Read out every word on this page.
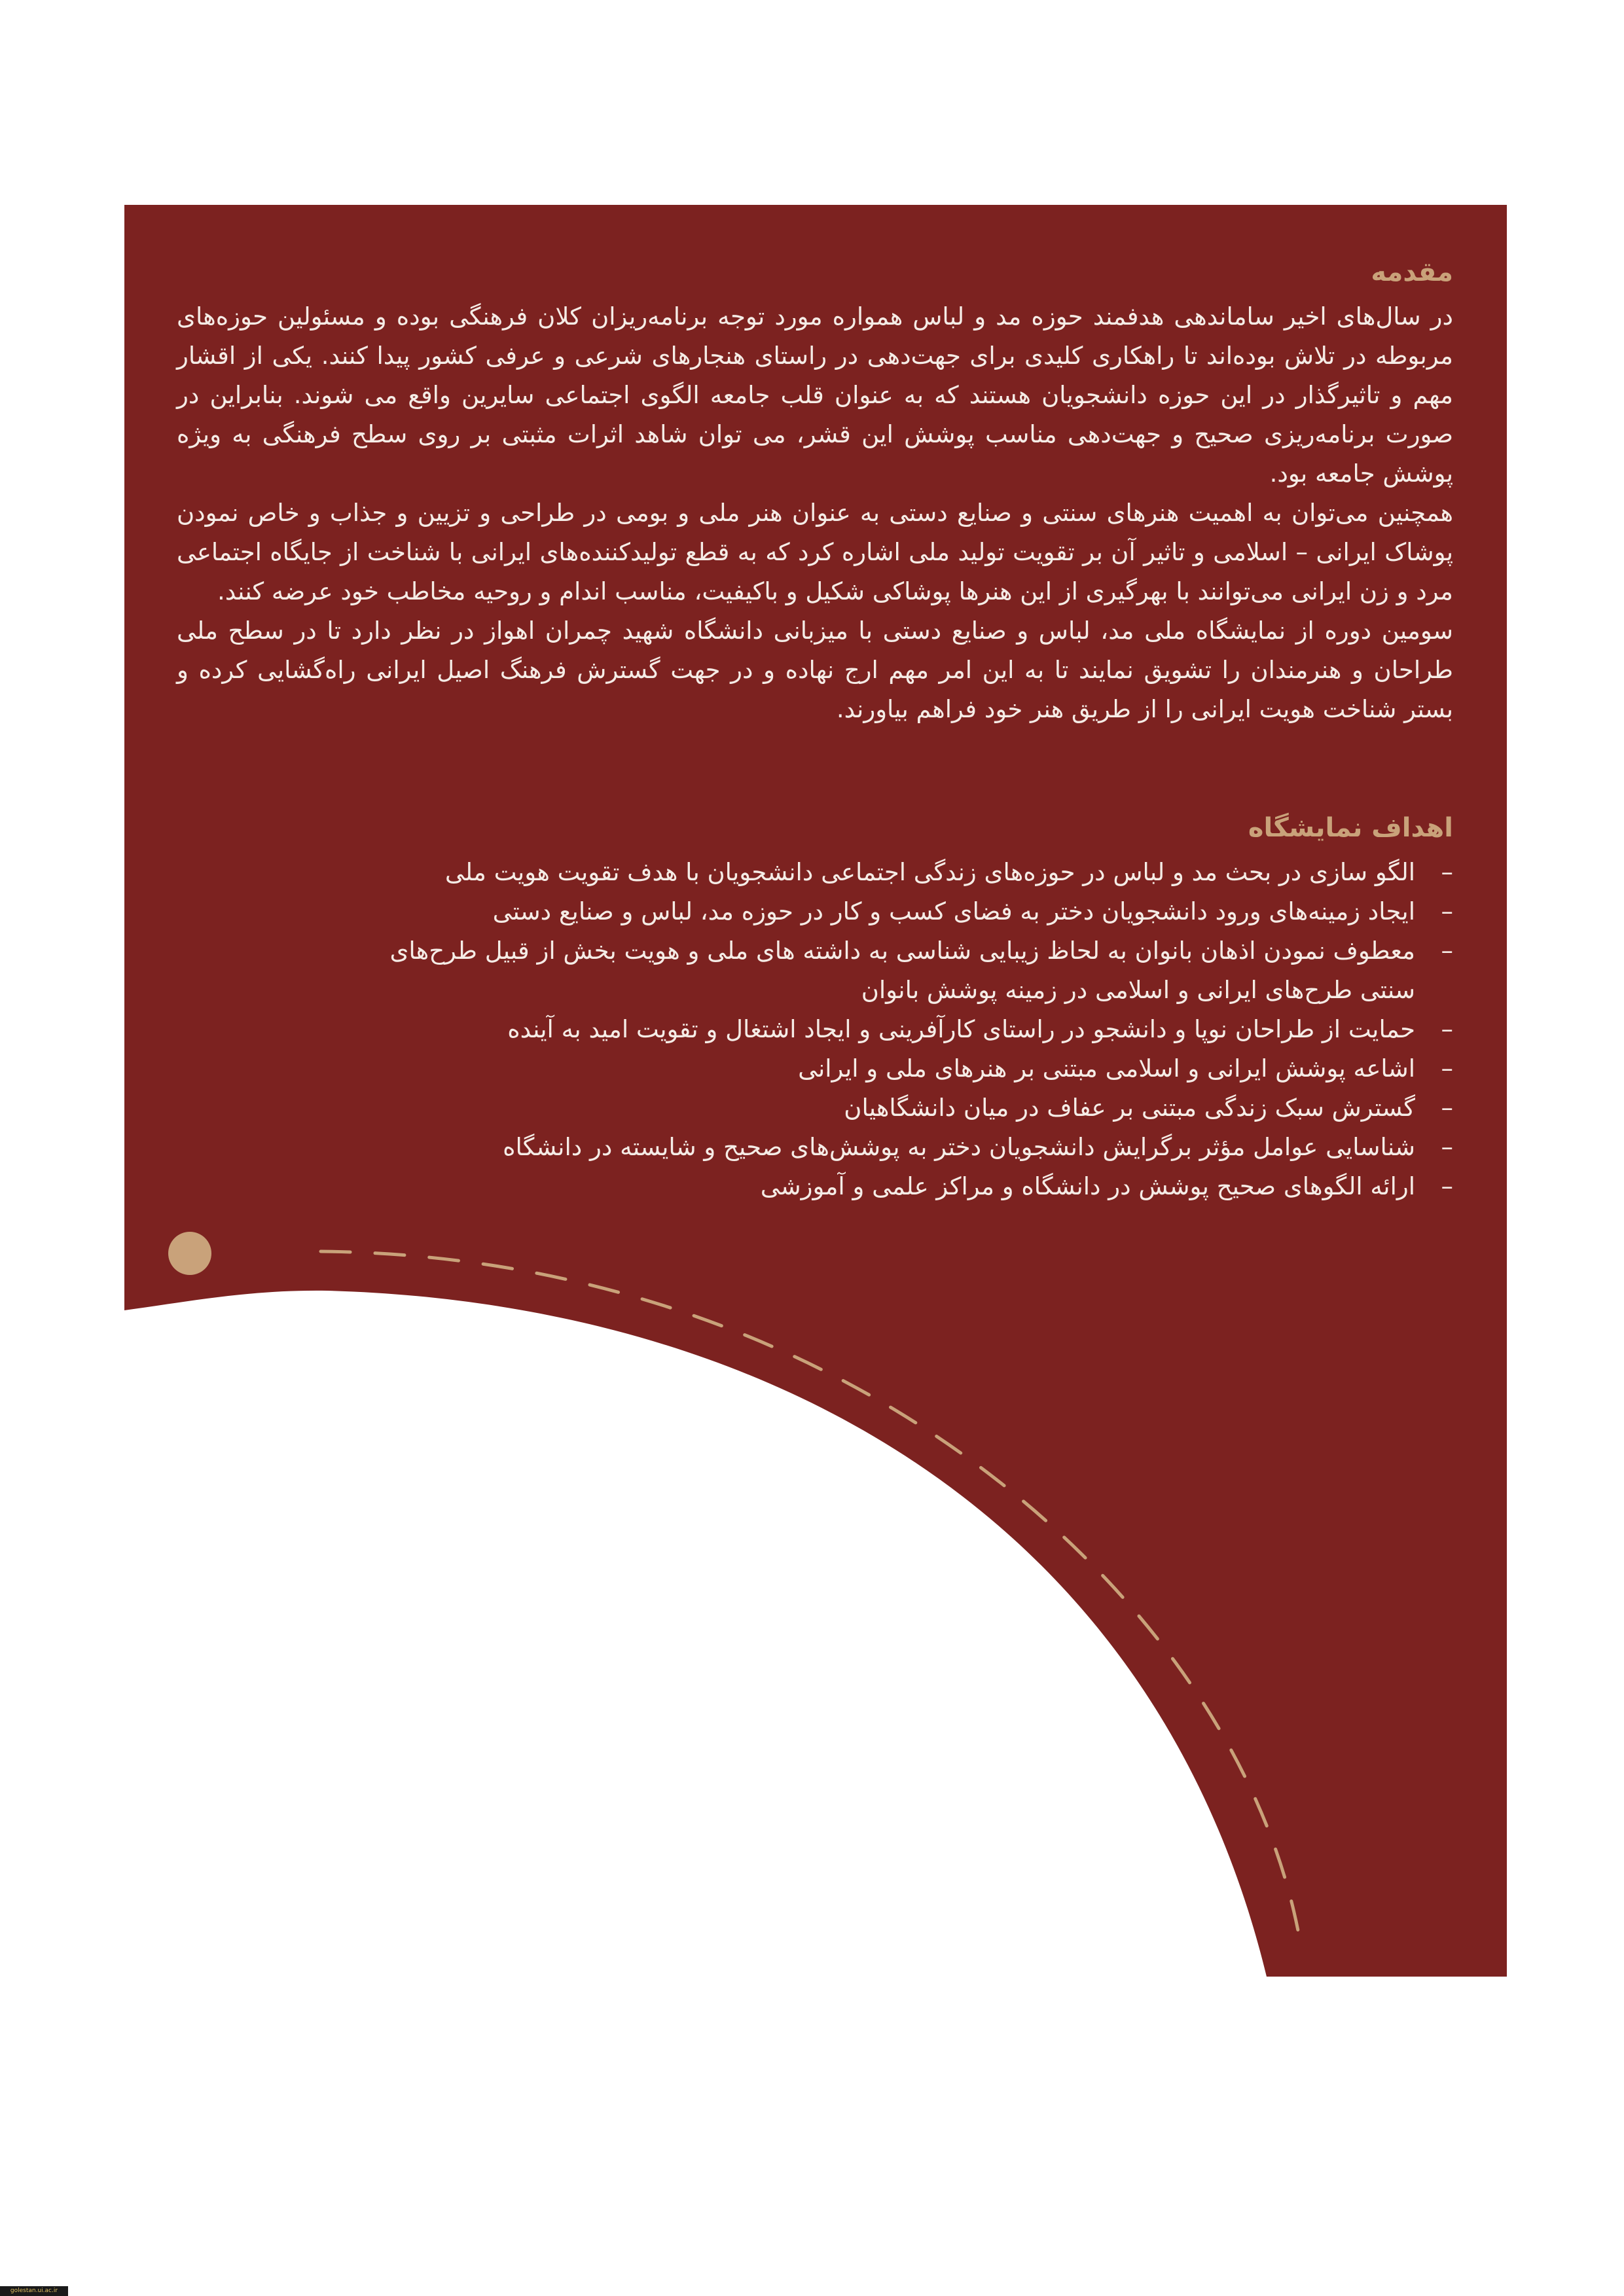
مقدمه

در سال‌های اخیر ساماندهی هدفمند حوزه مد و لباس همواره مورد توجه برنامه‌ریزان کلان فرهنگی بوده و مسئولین حوزه‌های مربوطه در تلاش بوده‌اند تا راهکاری کلیدی برای جهت‌دهی در راستای هنجارهای شرعی و عرفی کشور پیدا کنند. یکی از اقشار مهم و تاثیرگذار در این حوزه دانشجویان هستند که به عنوان قلب جامعه الگوی اجتماعی سایرین واقع می شوند. بنابراین در صورت برنامه‌ریزی صحیح و جهت‌دهی مناسب پوشش این قشر، می توان شاهد اثرات مثبتی بر روی سطح فرهنگی به ویژه پوشش جامعه بود.

همچنین می‌توان به اهمیت هنرهای سنتی و صنایع دستی به عنوان هنر ملی و بومی در طراحی و تزیین و جذاب و خاص نمودن پوشاک ایرانی – اسلامی و تاثیر آن بر تقویت تولید ملی اشاره کرد که به قطع تولیدکننده‌های ایرانی با شناخت از جایگاه اجتماعی مرد و زن ایرانی می‌توانند با بهرگیری از این هنرها پوشاکی شکیل و باکیفیت، مناسب اندام و روحیه مخاطب خود عرضه کنند.

سومین دوره از نمایشگاه ملی مد، لباس و صنایع دستی با میزبانی دانشگاه شهید چمران اهواز در نظر دارد تا در سطح ملی طراحان و هنرمندان را تشویق نمایند تا به این امر مهم ارج نهاده و در جهت گسترش فرهنگ اصیل ایرانی راه‌گشایی کرده و بستر شناخت هویت ایرانی را از طریق هنر خود فراهم بیاورند.

اهداف نمایشگاه
–
الگو سازی در بحث مد و لباس در حوزه‌های زندگی اجتماعی دانشجویان با هدف تقویت هویت ملی
–
ایجاد زمینه‌های ورود دانشجویان دختر به فضای کسب و کار در حوزه مد، لباس و صنایع دستی
–
معطوف نمودن اذهان بانوان به لحاظ زیبایی شناسی به داشته های ملی و هویت بخش از قبیل طرح‌های سنتی طرح‌های ایرانی و اسلامی در زمینه پوشش بانوان
–
حمایت از طراحان نوپا و دانشجو در راستای کارآفرینی و ایجاد اشتغال و تقویت امید به آینده
–
اشاعه پوشش ایرانی و اسلامی مبتنی بر هنرهای ملی و ایرانی
–
گسترش سبک زندگی مبتنی بر عفاف در میان دانشگاهیان
–
شناسایی عوامل مؤثر برگرایش دانشجویان دختر به پوشش‌های صحیح و شایسته در دانشگاه
–
ارائه الگوهای صحیح پوشش در دانشگاه و مراکز علمی و آموزشی
golestan.ui.ac.ir
